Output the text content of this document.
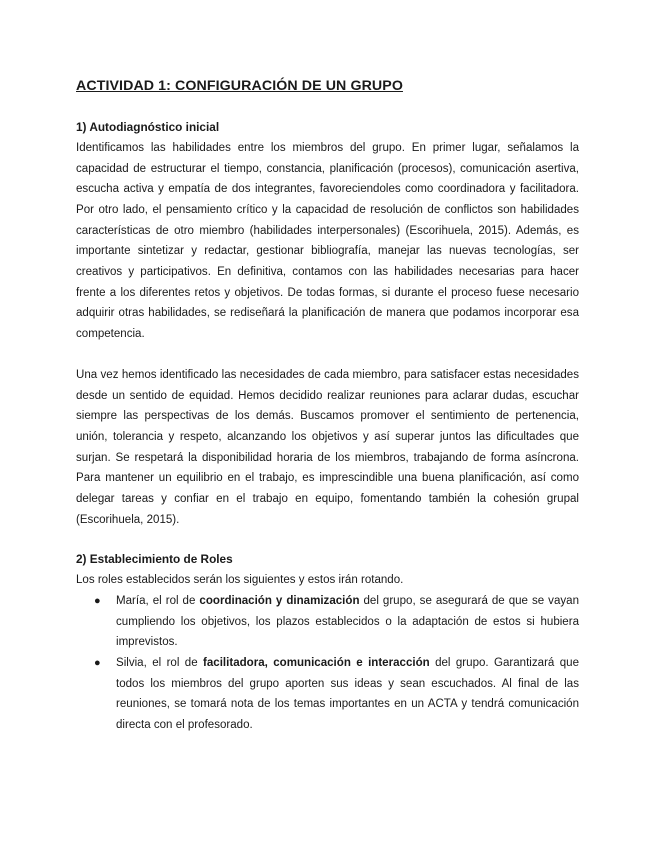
ACTIVIDAD 1: CONFIGURACIÓN DE UN GRUPO
1) Autodiagnóstico inicial

Identificamos las habilidades entre los miembros del grupo. En primer lugar, señalamos la capacidad de estructurar el tiempo, constancia, planificación (procesos), comunicación asertiva, escucha activa y empatía de dos integrantes, favoreciendoles como coordinadora y facilitadora. Por otro lado, el pensamiento crítico y la capacidad de resolución de conflictos son habilidades características de otro miembro (habilidades interpersonales) (Escorihuela, 2015). Además, es importante sintetizar y redactar, gestionar bibliografía, manejar las nuevas tecnologías, ser creativos y participativos. En definitiva, contamos con las habilidades necesarias para hacer frente a los diferentes retos y objetivos. De todas formas, si durante el proceso fuese necesario adquirir otras habilidades, se rediseñará la planificación de manera que podamos incorporar esa competencia.

Una vez hemos identificado las necesidades de cada miembro, para satisfacer estas necesidades desde un sentido de equidad. Hemos decidido realizar reuniones para aclarar dudas, escuchar siempre las perspectivas de los demás. Buscamos promover el sentimiento de pertenencia, unión, tolerancia y respeto, alcanzando los objetivos y así superar juntos las dificultades que surjan. Se respetará la disponibilidad horaria de los miembros, trabajando de forma asíncrona. Para mantener un equilibrio en el trabajo, es imprescindible una buena planificación, así como delegar tareas y confiar en el trabajo en equipo, fomentando también la cohesión grupal (Escorihuela, 2015).

2) Establecimiento de Roles

Los roles establecidos serán los siguientes y estos irán rotando.

● María, el rol de coordinación y dinamización del grupo, se asegurará de que se vayan cumpliendo los objetivos, los plazos establecidos o la adaptación de estos si hubiera imprevistos.
● Silvia, el rol de facilitadora, comunicación e interacción del grupo. Garantizará que todos los miembros del grupo aporten sus ideas y sean escuchados. Al final de las reuniones, se tomará nota de los temas importantes en un ACTA y tendrá comunicación directa con el profesorado.
